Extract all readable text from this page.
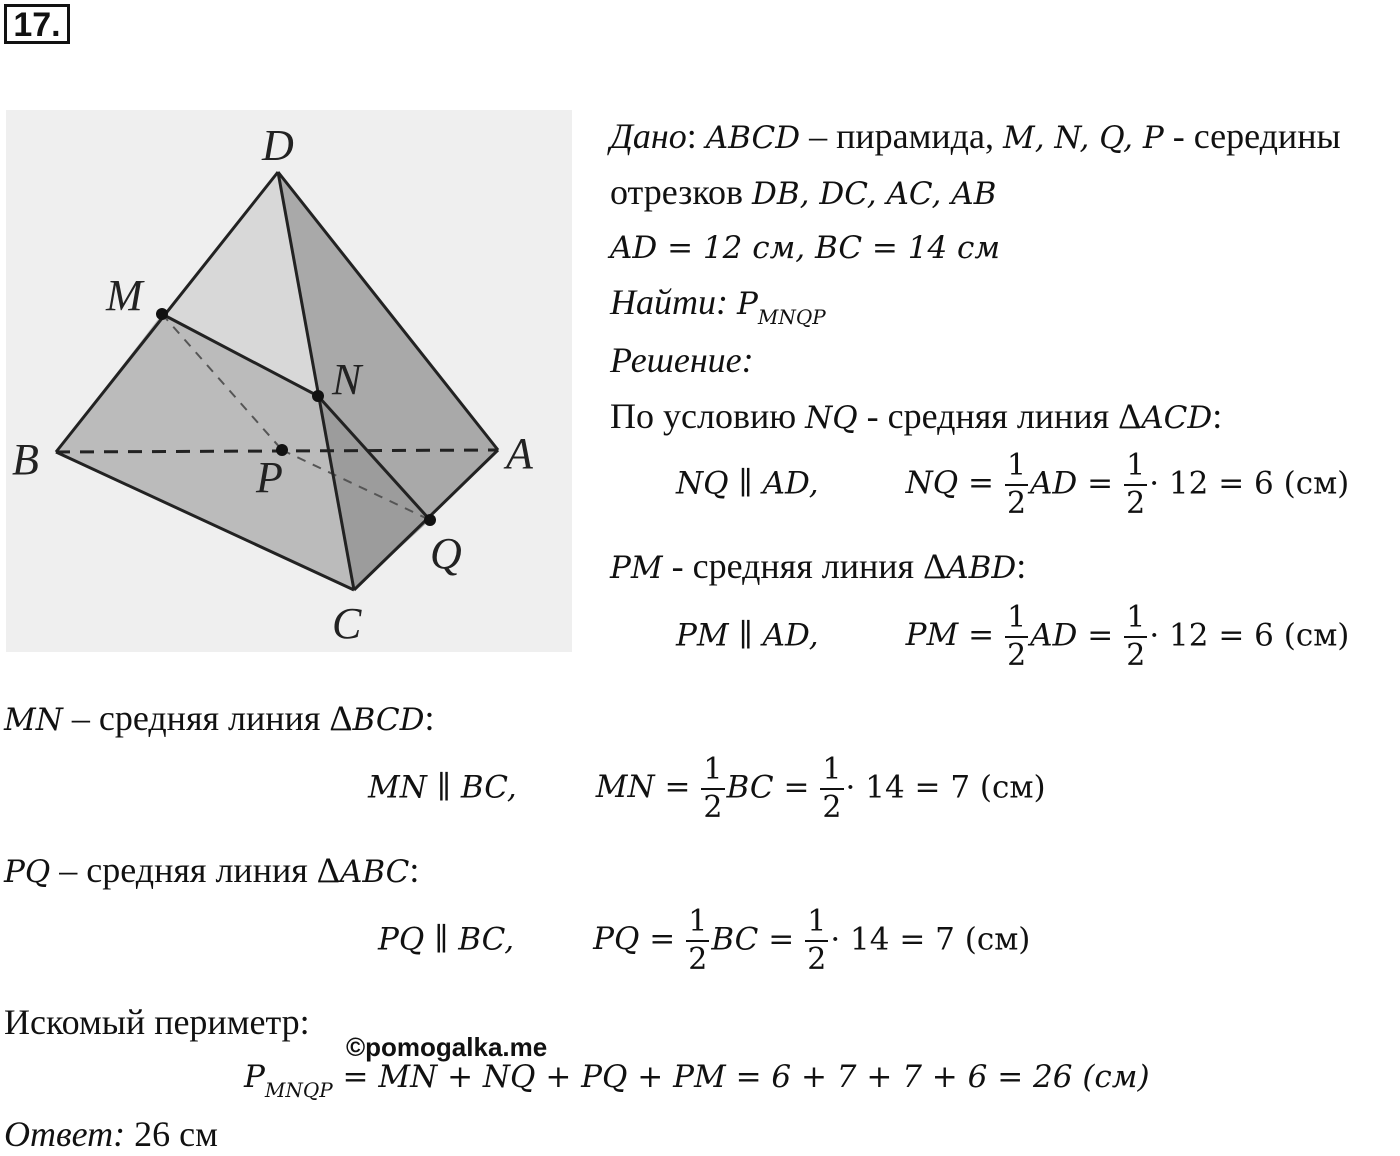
17.
D
M
N
B	P	A
Q
C
Дано: ABCD – пирамида, M, N, Q, P - середины
отрезков DB, DC, AC, AB
AD = 12 см, BC = 14 см
Найти: $P_{MNQP}$
Решение:
По условию NQ - средняя линия ΔACD:
NQ ∥ AD,	NQ = $\frac{1}{2}$ AD = $\frac{1}{2} \cdot 12 = 6$ (см)
PM - средняя линия ΔABD:
PM ∥ AD,	PM = $\frac{1}{2}$ AD = $\frac{1}{2} \cdot 12 = 6$ (см)
MN – средняя линия ΔBCD:
MN ∥ BC,	MN = $\frac{1}{2}$ BC = $\frac{1}{2} \cdot 14 = 7$ (см)
PQ – средняя линия ΔABC:
PQ ∥ BC,	PQ = $\frac{1}{2}$ BC = $\frac{1}{2} \cdot 14 = 7$ (см)
Искомый периметр:
©pomogalka.me
$P_{MNQP}$ = MN + NQ + PQ + PM = 6 + 7 + 7 + 6 = 26 (см)
Ответ: 26 см
